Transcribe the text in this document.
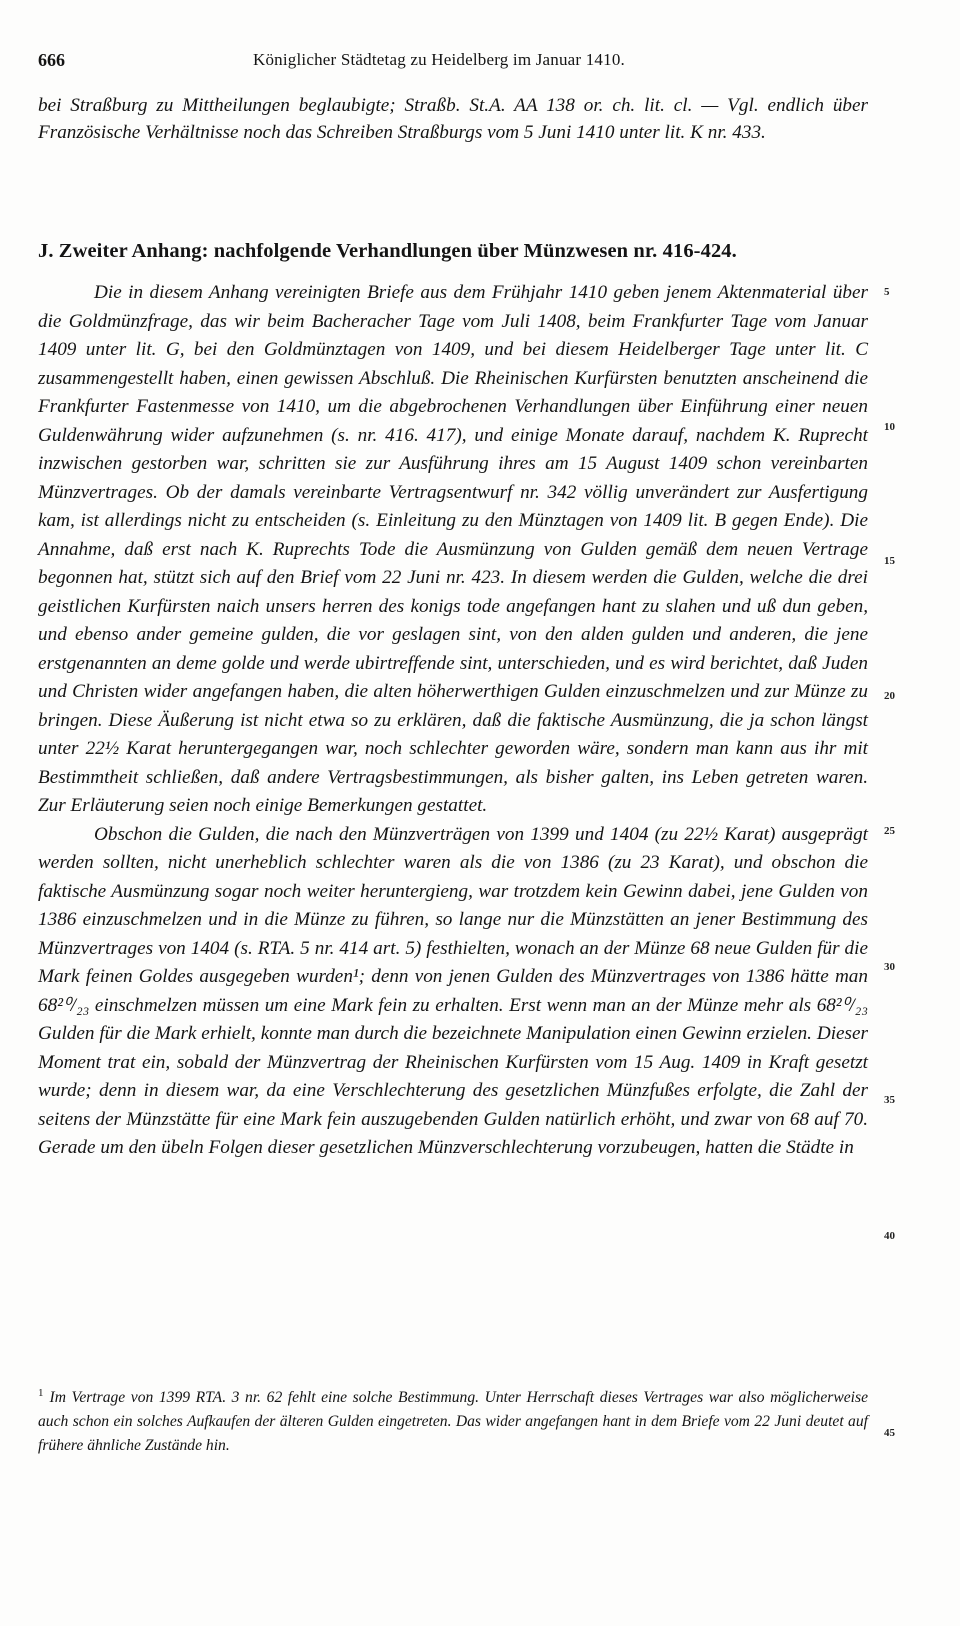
666	Königlicher Städtetag zu Heidelberg im Januar 1410.

bei Straßburg zu Mittheilungen beglaubigte; Straßb. St.A. AA 138 or. ch. lit. cl. — Vgl. endlich über Französische Verhältnisse noch das Schreiben Straßburgs vom 5 Juni 1410 unter lit. K nr. 433.

J. Zweiter Anhang: nachfolgende Verhandlungen über Münzwesen nr. 416-424.

Die in diesem Anhang vereinigten Briefe aus dem Frühjahr 1410 geben jenem Aktenmaterial über die Goldmünzfrage, das wir beim Bacheracher Tage vom Juli 1408, beim Frankfurter Tage vom Januar 1409 unter lit. G, bei den Goldmünztagen von 1409, und bei diesem Heidelberger Tage unter lit. C zusammengestellt haben, einen gewissen Abschluß. Die Rheinischen Kurfürsten benutzten anscheinend die Frankfurter Fastenmesse von 1410, um die abgebrochenen Verhandlungen über Einführung einer neuen Guldenwährung wider aufzunehmen (s. nr. 416. 417), und einige Monate darauf, nachdem K. Ruprecht inzwischen gestorben war, schritten sie zur Ausführung ihres am 15 August 1409 schon vereinbarten Münzvertrages. Ob der damals vereinbarte Vertragsentwurf nr. 342 völlig unverändert zur Ausfertigung kam, ist allerdings nicht zu entscheiden (s. Einleitung zu den Münztagen von 1409 lit. B gegen Ende). Die Annahme, daß erst nach K. Ruprechts Tode die Ausmünzung von Gulden gemäß dem neuen Vertrage begonnen hat, stützt sich auf den Brief vom 22 Juni nr. 423. In diesem werden die Gulden, welche die drei geistlichen Kurfürsten naich unsers herren des konigs tode angefangen hant zu slahen und uß dun geben, und ebenso ander gemeine gulden, die vor geslagen sint, von den alden gulden und anderen, die jene erstgenannten an deme golde und werde ubirtreffende sint, unterschieden, und es wird berichtet, daß Juden und Christen wider angefangen haben, die alten höherwerthigen Gulden einzuschmelzen und zur Münze zu bringen. Diese Äußerung ist nicht etwa so zu erklären, daß die faktische Ausmünzung, die ja schon längst unter 22½ Karat heruntergegangen war, noch schlechter geworden wäre, sondern man kann aus ihr mit Bestimmtheit schließen, daß andere Vertragsbestimmungen, als bisher galten, ins Leben getreten waren. Zur Erläuterung seien noch einige Bemerkungen gestattet.

Obschon die Gulden, die nach den Münzverträgen von 1399 und 1404 (zu 22½ Karat) ausgeprägt werden sollten, nicht unerheblich schlechter waren als die von 1386 (zu 23 Karat), und obschon die faktische Ausmünzung sogar noch weiter heruntergieng, war trotzdem kein Gewinn dabei, jene Gulden von 1386 einzuschmelzen und in die Münze zu führen, so lange nur die Münzstätten an jener Bestimmung des Münzvertrages von 1404 (s. RTA. 5 nr. 414 art. 5) festhielten, wonach an der Münze 68 neue Gulden für die Mark feinen Goldes ausgegeben wurden¹; denn von jenen Gulden des Münzvertrages von 1386 hätte man 68²⁰/₂₃ einschmelzen müssen um eine Mark fein zu erhalten. Erst wenn man an der Münze mehr als 68²⁰/₂₃ Gulden für die Mark erhielt, konnte man durch die bezeichnete Manipulation einen Gewinn erzielen. Dieser Moment trat ein, sobald der Münzvertrag der Rheinischen Kurfürsten vom 15 Aug. 1409 in Kraft gesetzt wurde; denn in diesem war, da eine Verschlechterung des gesetzlichen Münzfußes erfolgte, die Zahl der seitens der Münzstätte für eine Mark fein auszugebenden Gulden natürlich erhöht, und zwar von 68 auf 70. Gerade um den übeln Folgen dieser gesetzlichen Münzverschlechterung vorzubeugen, hatten die Städte in

5
10
15
20
25
30
35
40
45

$^1$ Im Vertrage von 1399 RTA. 3 nr. 62 fehlt eine solche Bestimmung. Unter Herrschaft dieses Vertrages war also möglicherweise auch schon ein solches Aufkaufen der älteren Gulden eingetreten. Das wider angefangen hant in dem Briefe vom 22 Juni deutet auf frühere ähnliche Zustände hin.
